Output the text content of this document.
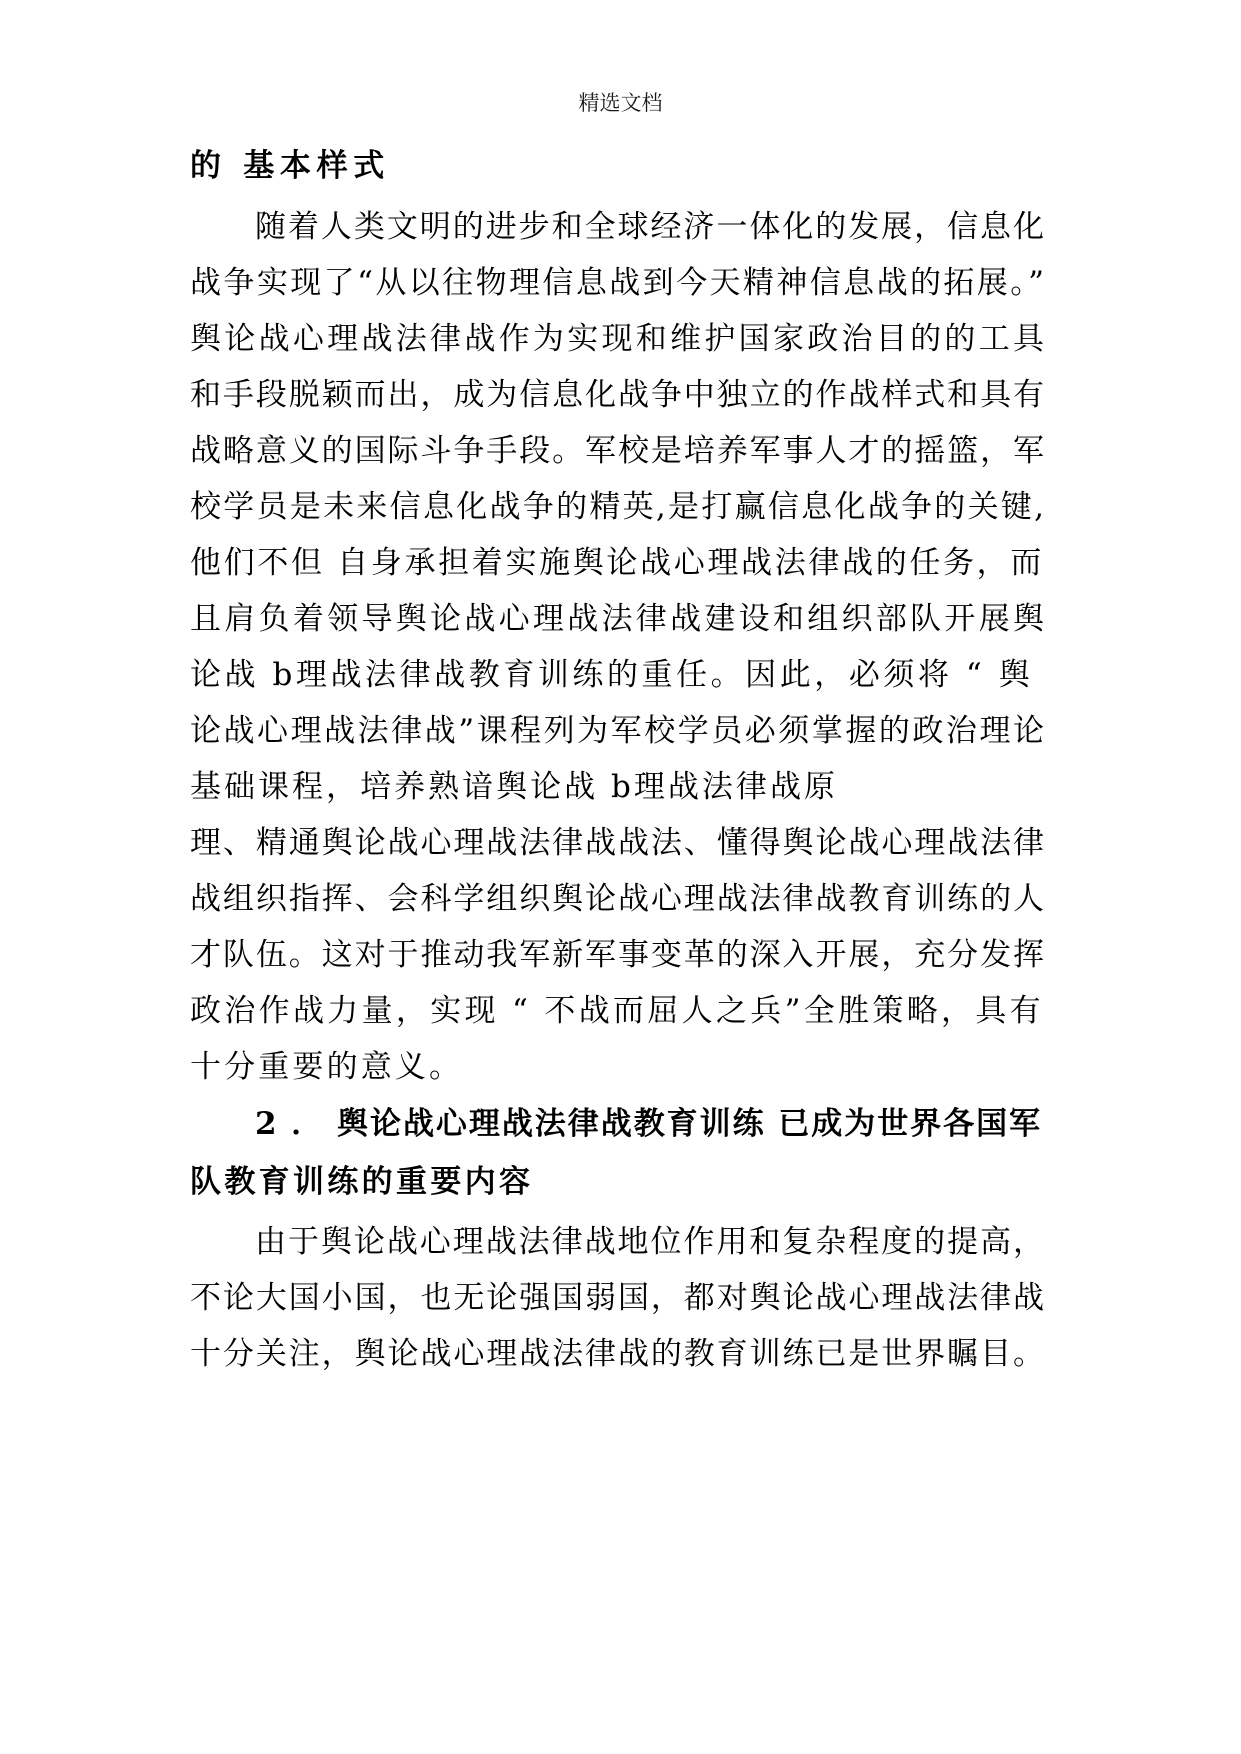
精选文档
的 基本样式
随着人类文明的进步和全球经济一体化的发展，信息化
战争实现了“从以往物理信息战到今天精神信息战的拓展。”
舆论战心理战法律战作为实现和维护国家政治目的的工具
和手段脱颖而出，成为信息化战争中独立的作战样式和具有
战略意义的国际斗争手段。军校是培养军事人才的摇篮，军
校学员是未来信息化战争的精英,是打赢信息化战争的关键,
他们不但 自身承担着实施舆论战心理战法律战的任务，而
且肩负着领导舆论战心理战法律战建设和组织部队开展舆
论战 b理战法律战教育训练的重任。因此，必须将 “ 舆
论战心理战法律战”课程列为军校学员必须掌握的政治理论
基础课程，培养熟谙舆论战 b理战法律战原
理、精通舆论战心理战法律战战法、懂得舆论战心理战法律
战组织指挥、会科学组织舆论战心理战法律战教育训练的人
才队伍。这对于推动我军新军事变革的深入开展，充分发挥
政治作战力量，实现 “ 不战而屈人之兵”全胜策略，具有
十分重要的意义。
2 ． 舆论战心理战法律战教育训练 已成为世界各国军
队教育训练的重要内容
由于舆论战心理战法律战地位作用和复杂程度的提高，
不论大国小国，也无论强国弱国，都对舆论战心理战法律战
十分关注，舆论战心理战法律战的教育训练已是世界瞩目。
